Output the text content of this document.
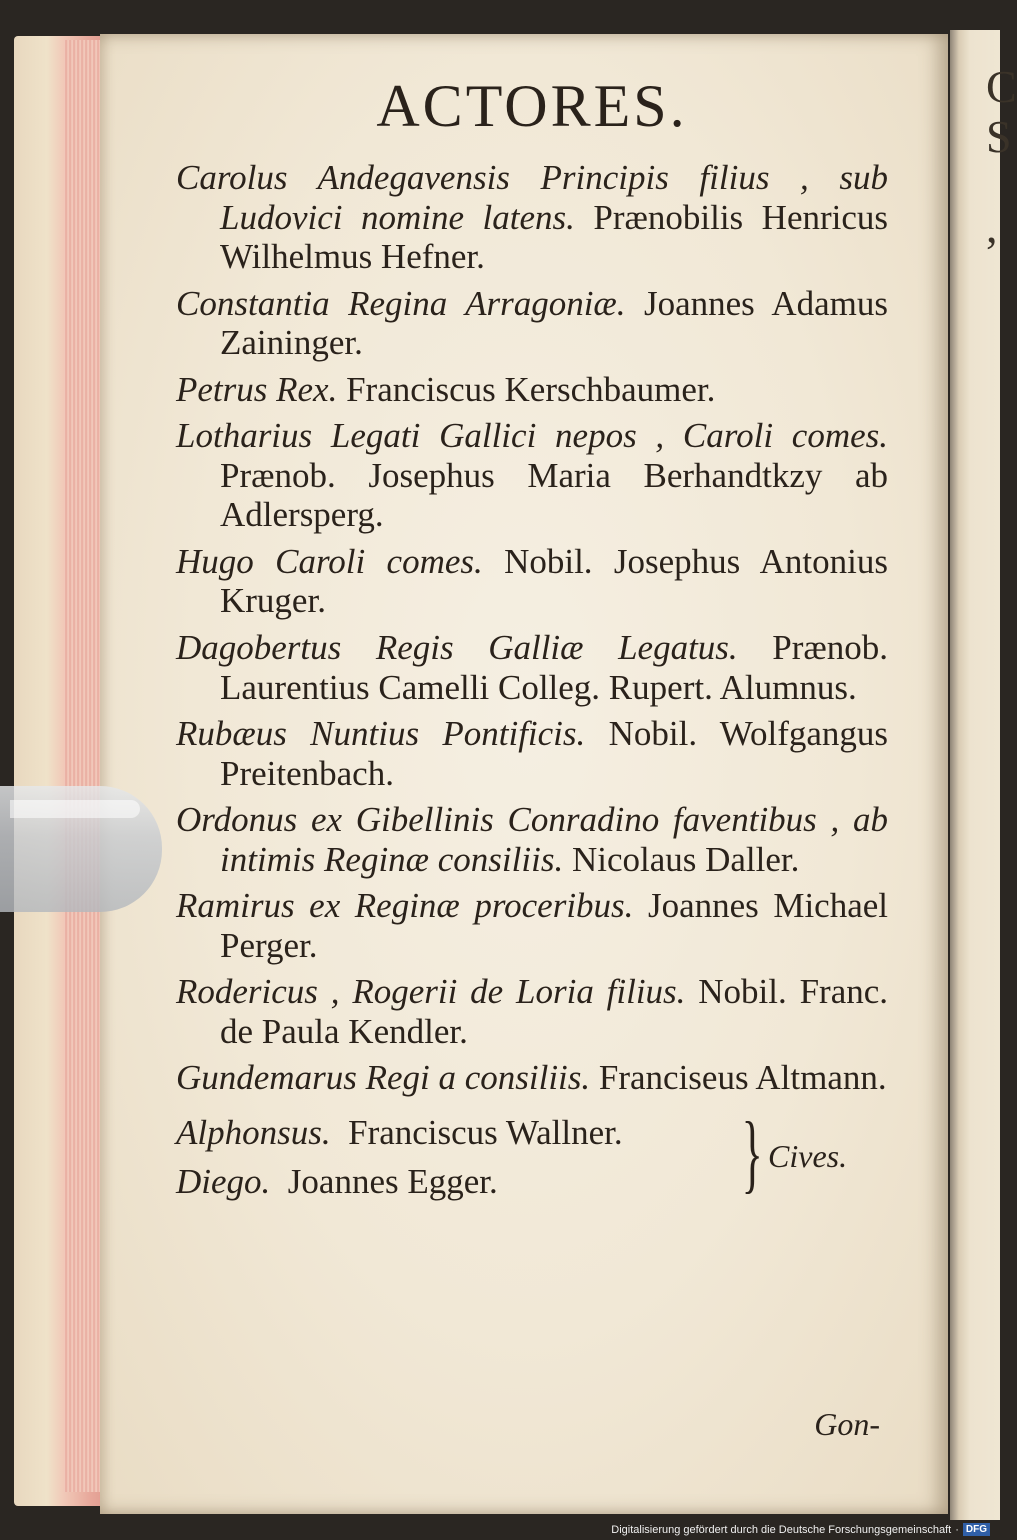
C
S
,
ACTORES.

Carolus Andegavensis Principis filius , sub Ludovici nomine latens. Prænobilis Henricus Wilhelmus Hefner.

Constantia Regina Arragoniæ. Joannes Adamus Zaininger.

Petrus Rex. Franciscus Kerschbaumer.

Lotharius Legati Gallici nepos , Caroli comes. Prænob. Josephus Maria Berhandtkzy ab Adlersperg.

Hugo Caroli comes. Nobil. Josephus Antonius Kruger.

Dagobertus Regis Galliæ Legatus. Prænob. Laurentius Camelli Colleg. Rupert. Alumnus.

Rubæus Nuntius Pontificis. Nobil. Wolfgangus Preitenbach.

Ordonus ex Gibellinis Conradino faventibus , ab intimis Reginæ consiliis. Nicolaus Daller.

Ramirus ex Reginæ proceribus. Joannes Michael Perger.

Rodericus , Rogerii de Loria filius. Nobil. Franc. de Paula Kendler.

Gundemarus Regi a consiliis. Franciseus Altmann.

Alphonsus. Franciscus Wallner.
Diego. Joannes Egger.	} Cives.
Gon-
Digitalisierung gefördert durch die Deutsche Forschungsgemeinschaft · DFG
